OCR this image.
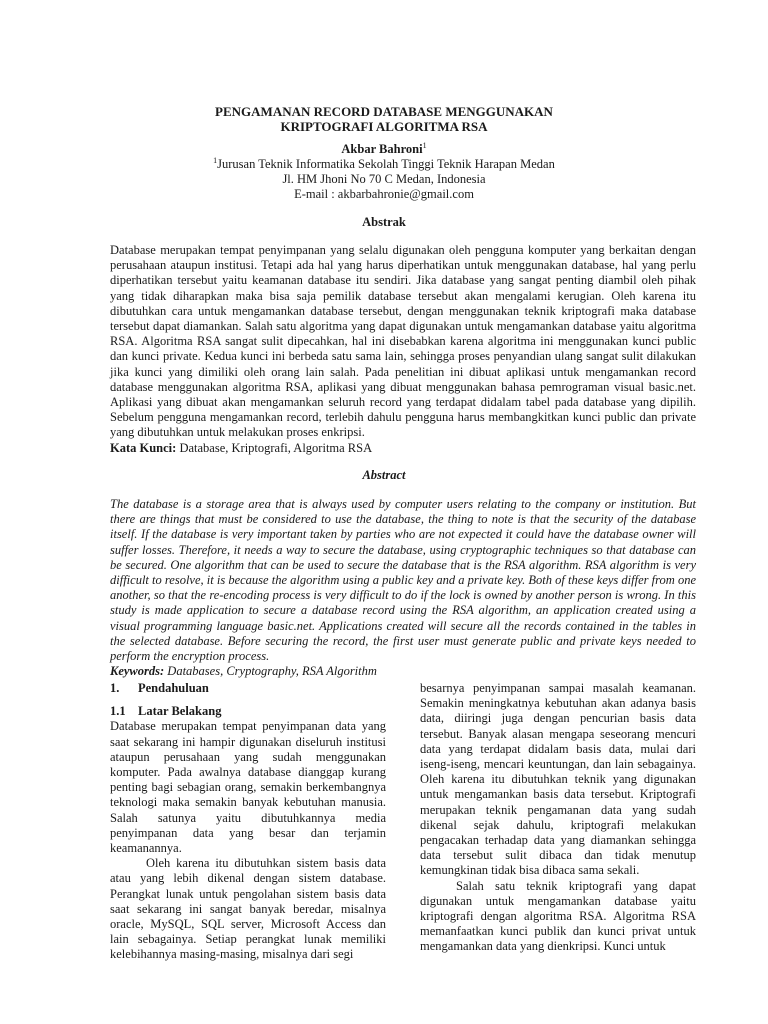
PENGAMANAN RECORD DATABASE MENGGUNAKAN
KRIPTOGRAFI ALGORITMA RSA
Akbar Bahroni$^1$
$^1$Jurusan Teknik Informatika Sekolah Tinggi Teknik Harapan Medan
Jl. HM Jhoni No 70 C Medan, Indonesia
E-mail : akbarbahronie@gmail.com
Abstrak

Database merupakan tempat penyimpanan yang selalu digunakan oleh pengguna komputer yang berkaitan dengan perusahaan ataupun institusi. Tetapi ada hal yang harus diperhatikan untuk menggunakan database, hal yang perlu diperhatikan tersebut yaitu keamanan database itu sendiri. Jika database yang sangat penting diambil oleh pihak yang tidak diharapkan maka bisa saja pemilik database tersebut akan mengalami kerugian. Oleh karena itu dibutuhkan cara untuk mengamankan database tersebut, dengan menggunakan teknik kriptografi maka database tersebut dapat diamankan. Salah satu algoritma yang dapat digunakan untuk mengamankan database yaitu algoritma RSA. Algoritma RSA sangat sulit dipecahkan, hal ini disebabkan karena algoritma ini menggunakan kunci public dan kunci private. Kedua kunci ini berbeda satu sama lain, sehingga proses penyandian ulang sangat sulit dilakukan jika kunci yang dimiliki oleh orang lain salah. Pada penelitian ini dibuat aplikasi untuk mengamankan record database menggunakan algoritma RSA, aplikasi yang dibuat menggunakan bahasa pemrograman visual basic.net. Aplikasi yang dibuat akan mengamankan seluruh record yang terdapat didalam tabel pada database yang dipilih. Sebelum pengguna mengamankan record, terlebih dahulu pengguna harus membangkitkan kunci public dan private yang dibutuhkan untuk melakukan proses enkripsi.
Kata Kunci: Database, Kriptografi, Algoritma RSA

Abstract

The database is a storage area that is always used by computer users relating to the company or institution. But there are things that must be considered to use the database, the thing to note is that the security of the database itself. If the database is very important taken by parties who are not expected it could have the database owner will suffer losses. Therefore, it needs a way to secure the database, using cryptographic techniques so that database can be secured. One algorithm that can be used to secure the database that is the RSA algorithm. RSA algorithm is very difficult to resolve, it is because the algorithm using a public key and a private key. Both of these keys differ from one another, so that the re-encoding process is very difficult to do if the lock is owned by another person is wrong. In this study is made application to secure a database record using the RSA algorithm, an application created using a visual programming language basic.net. Applications created will secure all the records contained in the tables in the selected database. Before securing the record, the first user must generate public and private keys needed to perform the encryption process.
Keywords: Databases, Cryptography, RSA Algorithm

1. Pendahuluan

1.1 Latar Belakang

Database merupakan tempat penyimpanan data yang saat sekarang ini hampir digunakan diseluruh institusi ataupun perusahaan yang sudah menggunakan komputer. Pada awalnya database dianggap kurang penting bagi sebagian orang, semakin berkembangnya teknologi maka semakin banyak kebutuhan manusia. Salah satunya yaitu dibutuhkannya media penyimpanan data yang besar dan terjamin keamanannya.

Oleh karena itu dibutuhkan sistem basis data atau yang lebih dikenal dengan sistem database. Perangkat lunak untuk pengolahan sistem basis data saat sekarang ini sangat banyak beredar, misalnya oracle, MySQL, SQL server, Microsoft Access dan lain sebagainya. Setiap perangkat lunak memiliki kelebihannya masing-masing, misalnya dari segi

besarnya penyimpanan sampai masalah keamanan. Semakin meningkatnya kebutuhan akan adanya basis data, diiringi juga dengan pencurian basis data tersebut. Banyak alasan mengapa seseorang mencuri data yang terdapat didalam basis data, mulai dari iseng-iseng, mencari keuntungan, dan lain sebagainya. Oleh karena itu dibutuhkan teknik yang digunakan untuk mengamankan basis data tersebut. Kriptografi merupakan teknik pengamanan data yang sudah dikenal sejak dahulu, kriptografi melakukan pengacakan terhadap data yang diamankan sehingga data tersebut sulit dibaca dan tidak menutup kemungkinan tidak bisa dibaca sama sekali.

Salah satu teknik kriptografi yang dapat digunakan untuk mengamankan database yaitu kriptografi dengan algoritma RSA. Algoritma RSA memanfaatkan kunci publik dan kunci privat untuk mengamankan data yang dienkripsi. Kunci untuk
